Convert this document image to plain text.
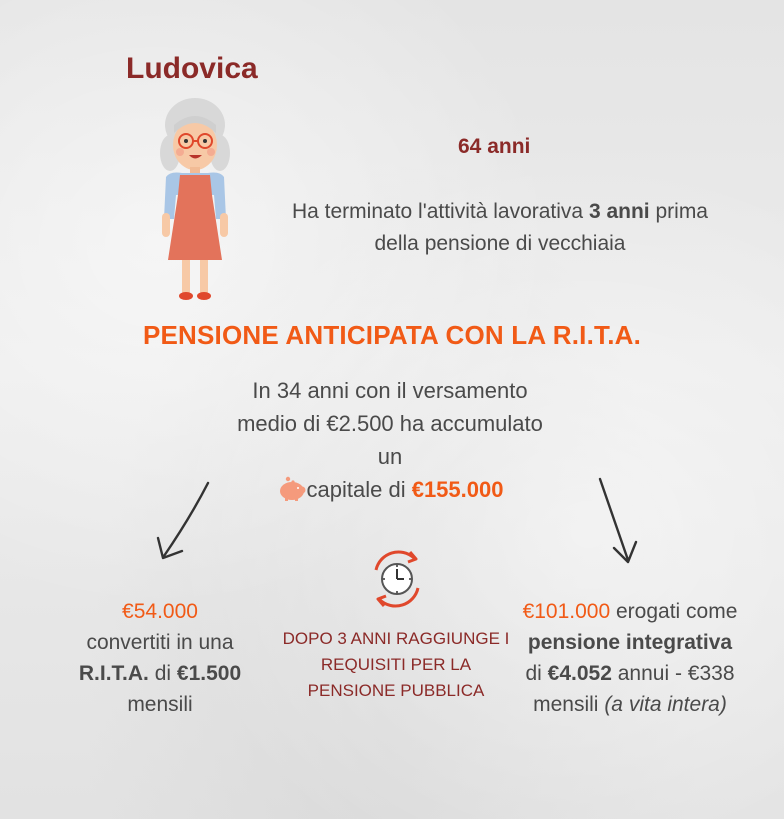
Ludovica
64 anni
Ha terminato l'attività lavorativa 3 anni prima della pensione di vecchiaia
PENSIONE ANTICIPATA CON LA R.I.T.A.
In 34 anni con il versamento medio di €2.500 ha accumulato un
capitale di €155.000
€54.000
convertiti in una R.I.T.A. di €1.500 mensili
DOPO 3 ANNI RAGGIUNGE I REQUISITI PER LA PENSIONE PUBBLICA
€101.000 erogati come pensione integrativa di €4.052 annui - €338 mensili (a vita intera)
